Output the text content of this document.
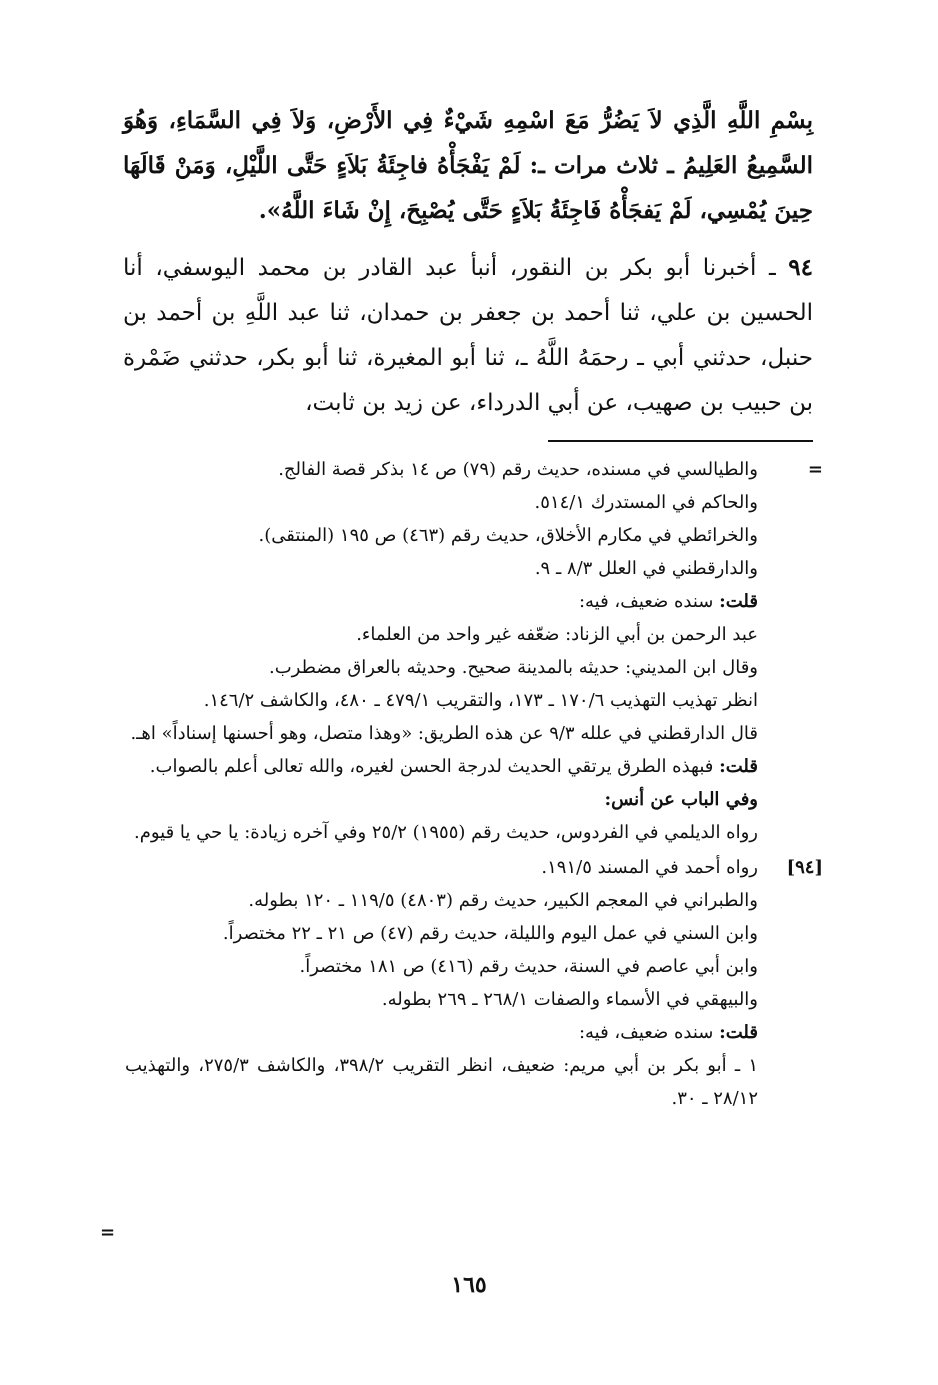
بِسْمِ اللَّهِ الَّذِي لاَ يَضُرُّ مَعَ اسْمِهِ شَيْءٌ فِي الأَرْضِ، وَلاَ فِي السَّمَاءِ، وَهُوَ السَّمِيعُ العَلِيمُ ـ ثلاث مرات ـ: لَمْ يَفْجَأْهُ فاجِئَةُ بَلاَءٍ حَتَّى اللَّيْلِ، وَمَنْ قَالَهَا حِينَ يُمْسِي، لَمْ يَفجَأْهُ فَاجِئَةُ بَلاَءٍ حَتَّى يُصْبِحَ، إِنْ شَاءَ اللَّهُ».

٩٤ ـ أخبرنا أبو بكر بن النقور، أنبأ عبد القادر بن محمد اليوسفي، أنا الحسين بن علي، ثنا أحمد بن جعفر بن حمدان، ثنا عبد اللَّهِ بن أحمد بن حنبل، حدثني أبي ـ رحمَهُ اللَّهُ ـ، ثنا أبو المغيرة، ثنا أبو بكر، حدثني ضَمْرة بن حبيب بن صهيب، عن أبي الدرداء، عن زيد بن ثابت،

=

والطيالسي في مسنده، حديث رقم (٧٩) ص ١٤ بذكر قصة الفالج.

والحاكم في المستدرك ٥١٤/١.

والخرائطي في مكارم الأخلاق، حديث رقم (٤٦٣) ص ١٩٥ (المنتقى).

والدارقطني في العلل ٨/٣ ـ ٩.

قلت: سنده ضعيف، فيه:

عبد الرحمن بن أبي الزناد: ضعّفه غير واحد من العلماء.

وقال ابن المديني: حديثه بالمدينة صحيح. وحديثه بالعراق مضطرب.

انظر تهذيب التهذيب ١٧٠/٦ ـ ١٧٣، والتقريب ٤٧٩/١ ـ ٤٨٠، والكاشف ١٤٦/٢.

قال الدارقطني في علله ٩/٣ عن هذه الطريق: «وهذا متصل، وهو أحسنها إسناداً» اهـ.

قلت: فبهذه الطرق يرتقي الحديث لدرجة الحسن لغيره، والله تعالى أعلم بالصواب.

وفي الباب عن أنس:

رواه الديلمي في الفردوس، حديث رقم (١٩٥٥) ٢٥/٢ وفي آخره زيادة: يا حي يا قيوم.

[٩٤]

رواه أحمد في المسند ١٩١/٥.

والطبراني في المعجم الكبير، حديث رقم (٤٨٠٣) ١١٩/٥ ـ ١٢٠ بطوله.

وابن السني في عمل اليوم والليلة، حديث رقم (٤٧) ص ٢١ ـ ٢٢ مختصراً.

وابن أبي عاصم في السنة، حديث رقم (٤١٦) ص ١٨١ مختصراً.

والبيهقي في الأسماء والصفات ٢٦٨/١ ـ ٢٦٩ بطوله.

قلت: سنده ضعيف، فيه:

١ ـ أبو بكر بن أبي مريم: ضعيف، انظر التقريب ٣٩٨/٢، والكاشف ٢٧٥/٣، والتهذيب ٢٨/١٢ ـ ٣٠.

=
١٦٥
